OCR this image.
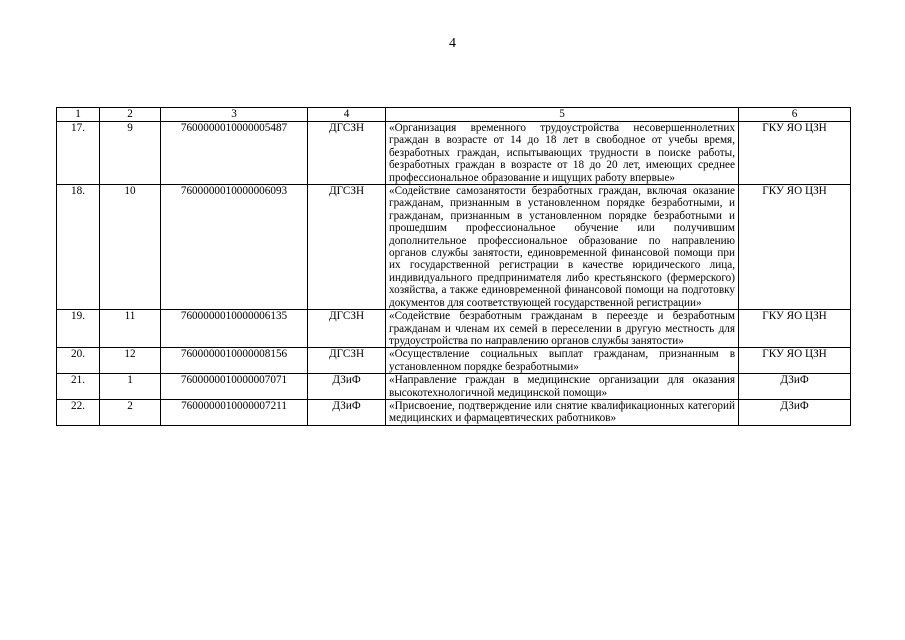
4
1	2	3	4	5	6
17.	9	7600000010000005487	ДГСЗН	«Организация временного трудоустройства несовершеннолетних граждан в возрасте от 14 до 18 лет в свободное от учебы время, безработных граждан, испытывающих трудности в поиске работы, безработных граждан в возрасте от 18 до 20 лет, имеющих среднее профессиональное образование и ищущих работу впервые»	ГКУ ЯО ЦЗН
18.	10	7600000010000006093	ДГСЗН	«Содействие самозанятости безработных граждан, включая оказание гражданам, признанным в установленном порядке безработными, и гражданам, признанным в установленном порядке безработными и прошедшим профессиональное обучение или получившим дополнительное профессиональное образование по направлению органов службы занятости, единовременной финансовой помощи при их государственной регистрации в качестве юридического лица, индивидуального предпринимателя либо крестьянского (фермерского) хозяйства, а также единовременной финансовой помощи на подготовку документов для соответствующей государственной регистрации»	ГКУ ЯО ЦЗН
19.	11	7600000010000006135	ДГСЗН	«Содействие безработным гражданам в переезде и безработным гражданам и членам их семей в переселении в другую местность для трудоустройства по направлению органов службы занятости»	ГКУ ЯО ЦЗН
20.	12	7600000010000008156	ДГСЗН	«Осуществление социальных выплат гражданам, признанным в установленном порядке безработными»	ГКУ ЯО ЦЗН
21.	1	7600000010000007071	ДЗиФ	«Направление граждан в медицинские организации для оказания высокотехнологичной медицинской помощи»	ДЗиФ
22.	2	7600000010000007211	ДЗиФ	«Присвоение, подтверждение или снятие квалификационных категорий медицинских и фармацевтических работников»	ДЗиФ
